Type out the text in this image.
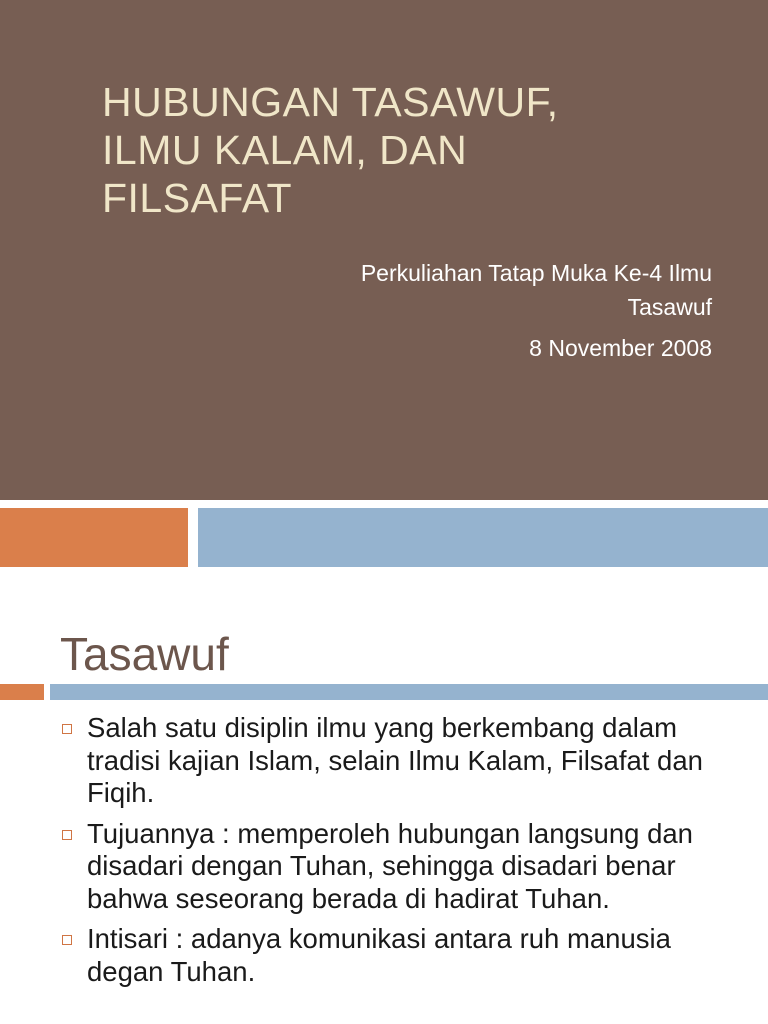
HUBUNGAN TASAWUF,
ILMU KALAM, DAN
FILSAFAT
Perkuliahan Tatap Muka Ke-4 Ilmu
Tasawuf
8 November 2008
Tasawuf
Salah satu disiplin ilmu yang berkembang dalam tradisi kajian Islam, selain Ilmu Kalam, Filsafat dan Fiqih.
Tujuannya : memperoleh hubungan langsung dan disadari dengan Tuhan, sehingga disadari benar bahwa seseorang berada di hadirat Tuhan.
Intisari : adanya komunikasi antara ruh manusia degan Tuhan.
